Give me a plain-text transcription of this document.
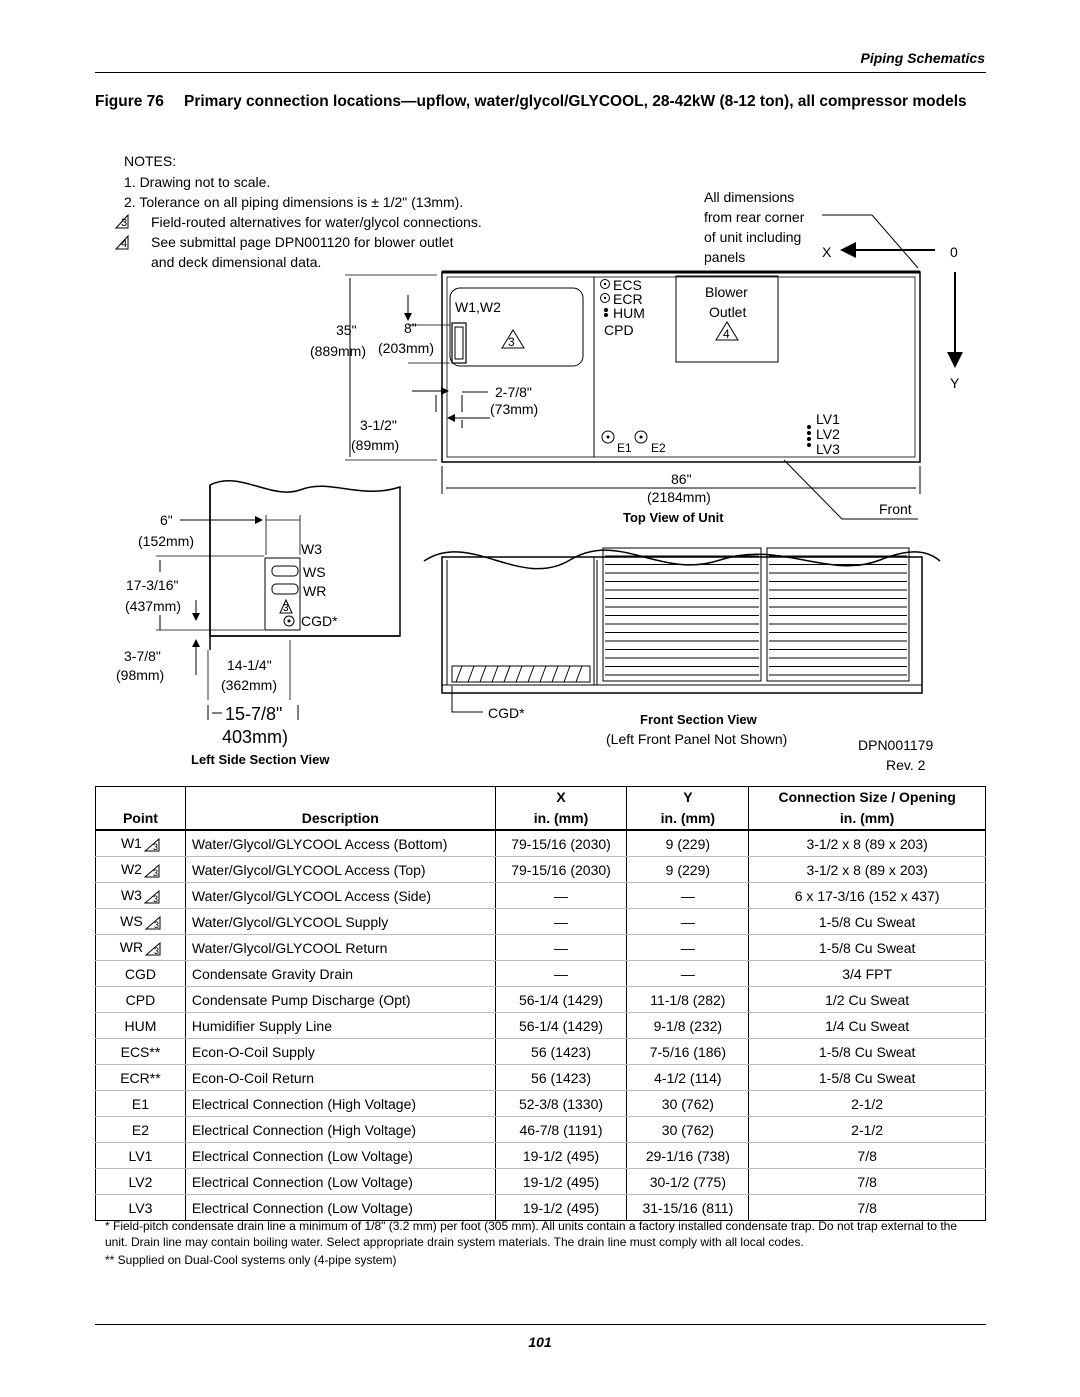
Piping Schematics
Figure 76 Primary connection locations—upflow, water/glycol/GLYCOOL, 28-42kW (8-12 ton), all compressor models
NOTES:
1. Drawing not to scale.
2. Tolerance on all piping dimensions is ± 1/2" (13mm).
3 Field-routed alternatives for water/glycol connections.
4 See submittal page DPN001120 for blower outlet
and deck dimensional data.
All dimensions
from rear corner
of unit including
panels	X	0
Y
W1,W2
3
35"
(889mm)
8"
(203mm)
3-1/2"
(89mm)
2-7/8"
(73mm)
ECS
ECR
HUM
CPD
Blower
Outlet
4
LV1
LV2
LV3
E1 E2
86"
(2184mm)
Top View of Unit
Front
6"
(152mm)	W3
WS
WR
3
CGD*
17-3/16"
(437mm)
3-7/8"
(98mm)
14-1/4"
(362mm)
15-7/8"
403mm)
Left Side Section View
CGD*	Front Section View
(Left Front Panel Not Shown)	DPN001179
Rev. 2
		X	Y	Connection Size / Opening
Point	Description	in. (mm)	in. (mm)	in. (mm)
W1 3	Water/Glycol/GLYCOOL Access (Bottom)	79-15/16 (2030)	9 (229)	3-1/2 x 8 (89 x 203)
W2 3	Water/Glycol/GLYCOOL Access (Top)	79-15/16 (2030)	9 (229)	3-1/2 x 8 (89 x 203)
W3 3	Water/Glycol/GLYCOOL Access (Side)	—	—	6 x 17-3/16 (152 x 437)
WS 3	Water/Glycol/GLYCOOL Supply	—	—	1-5/8 Cu Sweat
WR 3	Water/Glycol/GLYCOOL Return	—	—	1-5/8 Cu Sweat
CGD	Condensate Gravity Drain	—	—	3/4 FPT
CPD	Condensate Pump Discharge (Opt)	56-1/4 (1429)	11-1/8 (282)	1/2 Cu Sweat
HUM	Humidifier Supply Line	56-1/4 (1429)	9-1/8 (232)	1/4 Cu Sweat
ECS**	Econ-O-Coil Supply	56 (1423)	7-5/16 (186)	1-5/8 Cu Sweat
ECR**	Econ-O-Coil Return	56 (1423)	4-1/2 (114)	1-5/8 Cu Sweat
E1	Electrical Connection (High Voltage)	52-3/8 (1330)	30 (762)	2-1/2
E2	Electrical Connection (High Voltage)	46-7/8 (1191)	30 (762)	2-1/2
LV1	Electrical Connection (Low Voltage)	19-1/2 (495)	29-1/16 (738)	7/8
LV2	Electrical Connection (Low Voltage)	19-1/2 (495)	30-1/2 (775)	7/8
LV3	Electrical Connection (Low Voltage)	19-1/2 (495)	31-15/16 (811)	7/8
* Field-pitch condensate drain line a minimum of 1/8" (3.2 mm) per foot (305 mm). All units contain a factory installed condensate trap. Do not trap external to the unit. Drain line may contain boiling water. Select appropriate drain system materials. The drain line must comply with all local codes.
** Supplied on Dual-Cool systems only (4-pipe system)
101
